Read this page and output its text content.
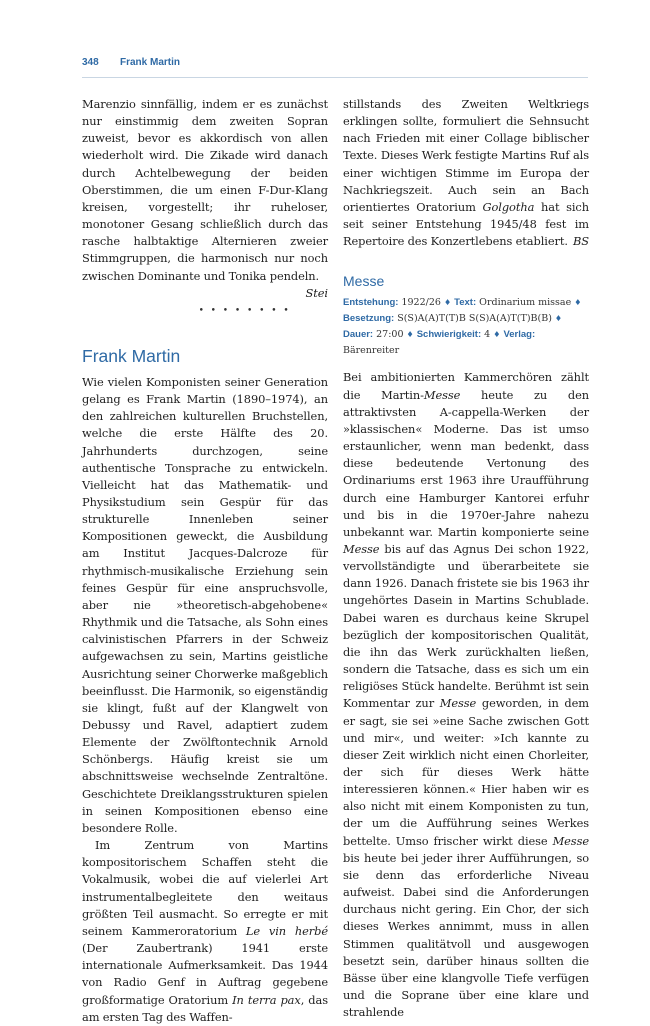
348 Frank Martin

Marenzio sinnfällig, indem er es zunächst nur einstimmig dem zweiten Sopran zuweist, bevor es akkordisch von allen wiederholt wird. Die Zikade wird danach durch Achtelbewegung der beiden Oberstimmen, die um einen F-Dur-Klang kreisen, vorgestellt; ihr ruheloser, monotoner Gesang schließlich durch das rasche halbtaktige Alternieren zweier Stimmgruppen, die harmonisch nur noch zwischen Dominante und Tonika pendeln.
Stei

••••••••
Frank Martin

Wie vielen Komponisten seiner Generation gelang es Frank Martin (1890–1974), an den zahlreichen kulturellen Bruchstellen, welche die erste Hälfte des 20. Jahrhunderts durchzogen, seine authentische Tonsprache zu entwickeln. Vielleicht hat das Mathematik- und Physikstudium sein Gespür für das strukturelle Innenleben seiner Kompositionen geweckt, die Ausbildung am Institut Jacques-Dalcroze für rhythmisch-musikalische Erziehung sein feines Gespür für eine anspruchsvolle, aber nie »theoretisch-abgehobene« Rhythmik und die Tatsache, als Sohn eines calvinistischen Pfarrers in der Schweiz aufgewachsen zu sein, Martins geistliche Ausrichtung seiner Chorwerke maßgeblich beeinflusst. Die Harmonik, so eigenständig sie klingt, fußt auf der Klangwelt von Debussy und Ravel, adaptiert zudem Elemente der Zwölftontechnik Arnold Schönbergs. Häufig kreist sie um abschnittsweise wechselnde Zentraltöne. Geschichtete Dreiklangsstrukturen spielen in seinen Kompositionen ebenso eine besondere Rolle.

Im Zentrum von Martins kompositorischem Schaffen steht die Vokalmusik, wobei die auf vielerlei Art instrumentalbegleitete den weitaus größten Teil ausmacht. So erregte er mit seinem Kammeroratorium Le vin herbé (Der Zaubertrank) 1941 erste internationale Aufmerksamkeit. Das 1944 von Radio Genf in Auftrag gegebene großformatige Oratorium In terra pax, das am ersten Tag des Waffen-

stillstands des Zweiten Weltkriegs erklingen sollte, formuliert die Sehnsucht nach Frieden mit einer Collage biblischer Texte. Dieses Werk festigte Martins Ruf als einer wichtigen Stimme im Europa der Nachkriegszeit. Auch sein an Bach orientiertes Oratorium Golgotha hat sich seit seiner Entstehung 1945/48 fest im Repertoire des Konzertlebens etabliert. BS

Messe
Entstehung: 1922/26 ♦ Text: Ordinarium missae ♦ Besetzung: S(S)A(A)T(T)B S(S)A(A)T(T)B(B) ♦ Dauer: 27:00 ♦ Schwierigkeit: 4 ♦ Verlag: Bärenreiter

Bei ambitionierten Kammerchören zählt die Martin-Messe heute zu den attraktivsten A-cappella-Werken der »klassischen« Moderne. Das ist umso erstaunlicher, wenn man bedenkt, dass diese bedeutende Vertonung des Ordinariums erst 1963 ihre Uraufführung durch eine Hamburger Kantorei erfuhr und bis in die 1970er-Jahre nahezu unbekannt war. Martin komponierte seine Messe bis auf das Agnus Dei schon 1922, vervollständigte und überarbeitete sie dann 1926. Danach fristete sie bis 1963 ihr ungehörtes Dasein in Martins Schublade. Dabei waren es durchaus keine Skrupel bezüglich der kompositorischen Qualität, die ihn das Werk zurückhalten ließen, sondern die Tatsache, dass es sich um ein religiöses Stück handelte. Berühmt ist sein Kommentar zur Messe geworden, in dem er sagt, sie sei »eine Sache zwischen Gott und mir«, und weiter: »Ich kannte zu dieser Zeit wirklich nicht einen Chorleiter, der sich für dieses Werk hätte interessieren können.« Hier haben wir es also nicht mit einem Komponisten zu tun, der um die Aufführung seines Werkes bettelte. Umso frischer wirkt diese Messe bis heute bei jeder ihrer Aufführungen, so sie denn das erforderliche Niveau aufweist. Dabei sind die Anforderungen durchaus nicht gering. Ein Chor, der sich dieses Werkes annimmt, muss in allen Stimmen qualitätvoll und ausgewogen besetzt sein, darüber hinaus sollten die Bässe über eine klangvolle Tiefe verfügen und die Soprane über eine klare und strahlende
